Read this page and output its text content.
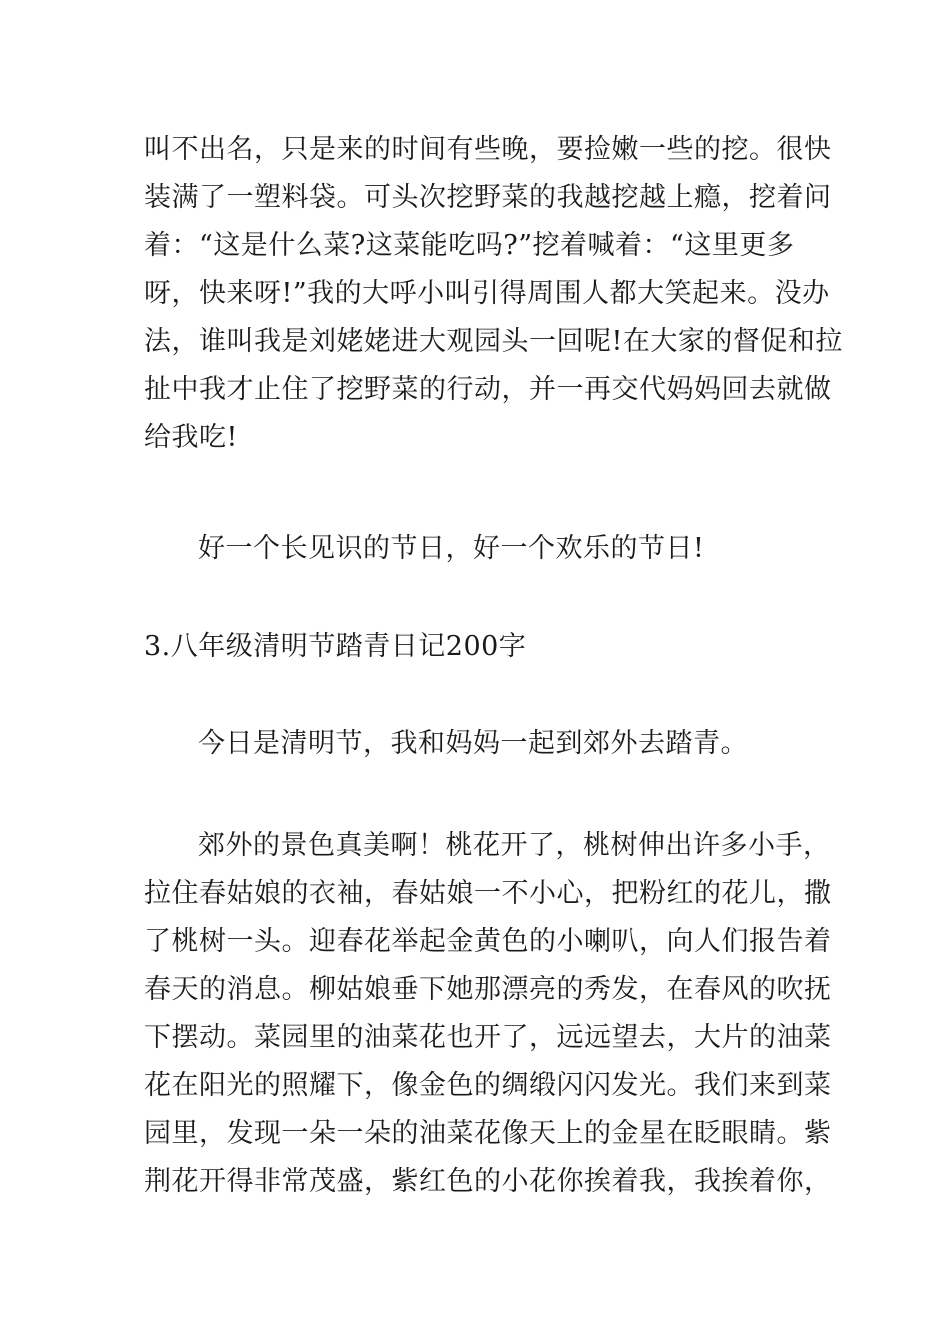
叫不出名，只是来的时间有些晚，要捡嫩一些的挖。很快
装满了一塑料袋。可头次挖野菜的我越挖越上瘾，挖着问
着：“这是什么菜?这菜能吃吗?”挖着喊着：“这里更多
呀，快来呀!”我的大呼小叫引得周围人都大笑起来。没办
法，谁叫我是刘姥姥进大观园头一回呢!在大家的督促和拉
扯中我才止住了挖野菜的行动，并一再交代妈妈回去就做
给我吃!
好一个长见识的节日，好一个欢乐的节日!
3.八年级清明节踏青日记200字
今日是清明节，我和妈妈一起到郊外去踏青。
郊外的景色真美啊！桃花开了，桃树伸出许多小手，
拉住春姑娘的衣袖，春姑娘一不小心，把粉红的花儿，撒
了桃树一头。迎春花举起金黄色的小喇叭，向人们报告着
春天的消息。柳姑娘垂下她那漂亮的秀发，在春风的吹抚
下摆动。菜园里的油菜花也开了，远远望去，大片的油菜
花在阳光的照耀下，像金色的绸缎闪闪发光。我们来到菜
园里，发现一朵一朵的油菜花像天上的金星在眨眼睛。紫
荆花开得非常茂盛，紫红色的小花你挨着我，我挨着你，
